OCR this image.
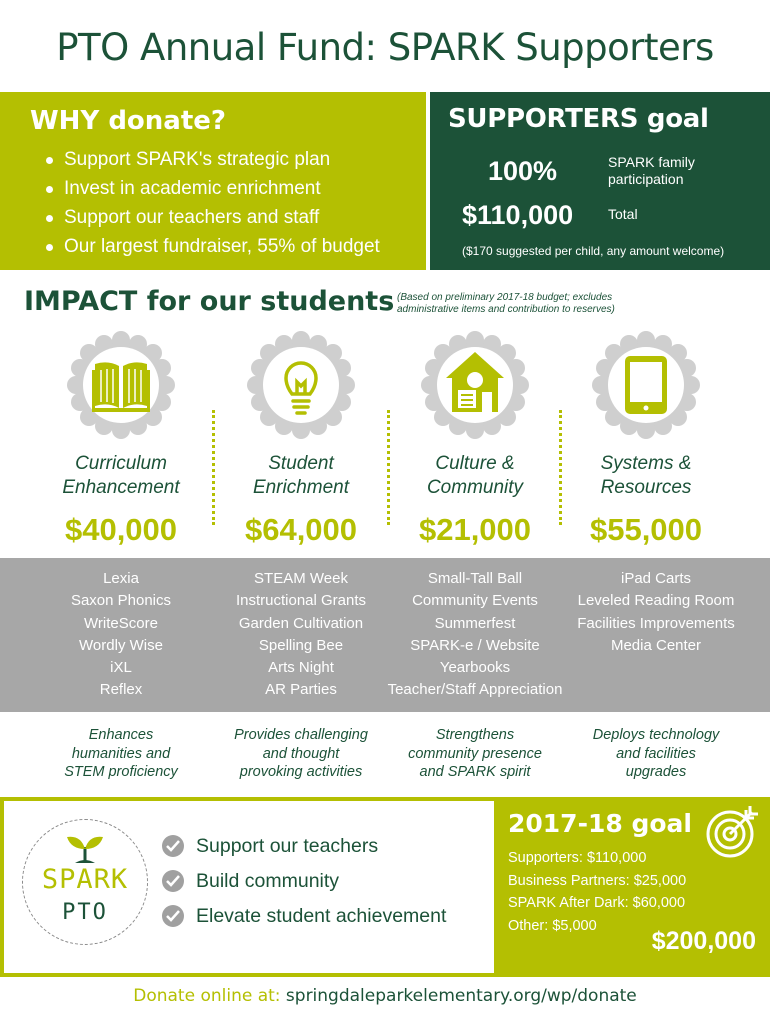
PTO Annual Fund: SPARK Supporters
WHY donate?
Support SPARK's strategic plan
Invest in academic enrichment
Support our teachers and staff
Our largest fundraiser, 55% of budget
SUPPORTERS goal
100%	SPARK family participation
$110,000 Total
($170 suggested per child, any amount welcome)
IMPACT for our students (Based on preliminary 2017-18 budget; excludes administrative items and contribution to reserves)
Curriculum
Enhancement
$40,000
Student
Enrichment
$64,000
Culture &
Community
$21,000
Systems &
Resources
$55,000
Lexia
Saxon Phonics
WriteScore
Wordly Wise
iXL
Reflex
STEAM Week
Instructional Grants
Garden Cultivation
Spelling Bee
Arts Night
AR Parties
Small-Tall Ball
Community Events
Summerfest
SPARK-e / Website
Yearbooks
Teacher/Staff Appreciation
iPad Carts
Leveled Reading Room
Facilities Improvements
Media Center
Enhances
humanities and
STEM proficiency
Provides challenging
and thought
provoking activities
Strengthens
community presence
and SPARK spirit
Deploys technology
and facilities
upgrades
SPARK
PTO
Support our teachers
Build community
Elevate student achievement
2017-18 goal
Supporters: $110,000
Business Partners: $25,000
SPARK After Dark: $60,000
Other: $5,000
$200,000
Donate online at: springdaleparkelementary.org/wp/donate
